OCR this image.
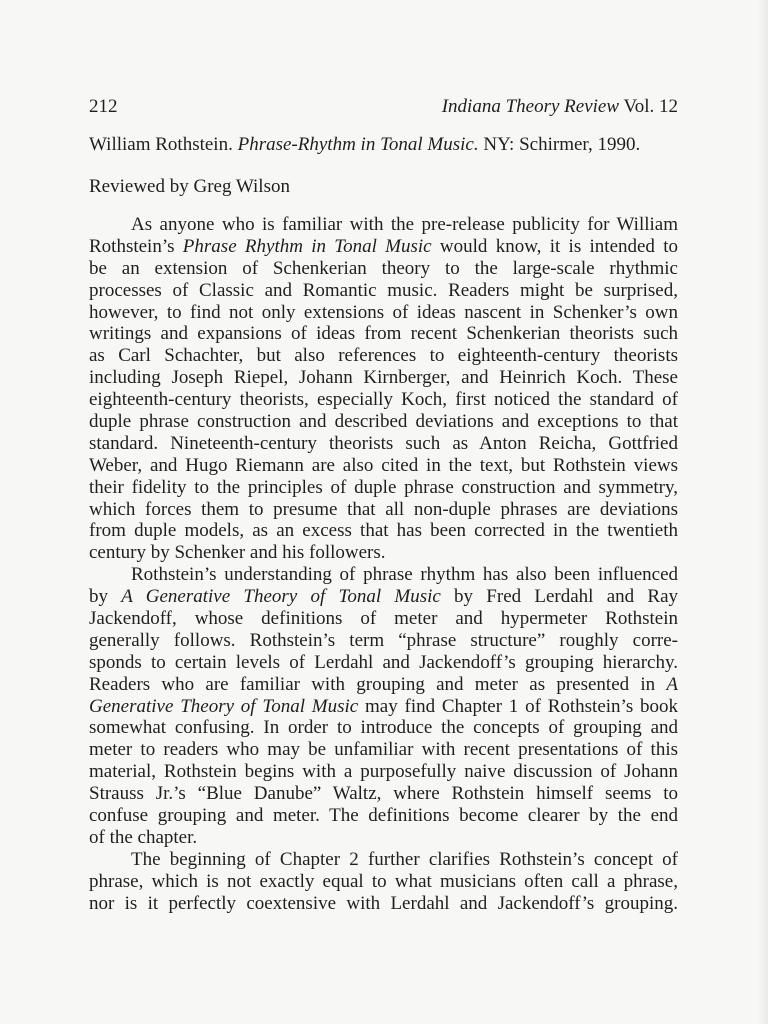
212	Indiana Theory Review Vol. 12
William Rothstein. Phrase-Rhythm in Tonal Music. NY: Schirmer, 1990.
Reviewed by Greg Wilson
As anyone who is familiar with the pre-release publicity for William
Rothstein’s Phrase Rhythm in Tonal Music would know, it is intended to
be an extension of Schenkerian theory to the large-scale rhythmic
processes of Classic and Romantic music. Readers might be surprised,
however, to find not only extensions of ideas nascent in Schenker’s own
writings and expansions of ideas from recent Schenkerian theorists such
as Carl Schachter, but also references to eighteenth-century theorists
including Joseph Riepel, Johann Kirnberger, and Heinrich Koch. These
eighteenth-century theorists, especially Koch, first noticed the standard of
duple phrase construction and described deviations and exceptions to that
standard. Nineteenth-century theorists such as Anton Reicha, Gottfried
Weber, and Hugo Riemann are also cited in the text, but Rothstein views
their fidelity to the principles of duple phrase construction and symmetry,
which forces them to presume that all non-duple phrases are deviations
from duple models, as an excess that has been corrected in the twentieth
century by Schenker and his followers.
Rothstein’s understanding of phrase rhythm has also been influenced
by A Generative Theory of Tonal Music by Fred Lerdahl and Ray
Jackendoff, whose definitions of meter and hypermeter Rothstein
generally follows. Rothstein’s term “phrase structure” roughly corre-
sponds to certain levels of Lerdahl and Jackendoff’s grouping hierarchy.
Readers who are familiar with grouping and meter as presented in A
Generative Theory of Tonal Music may find Chapter 1 of Rothstein’s book
somewhat confusing. In order to introduce the concepts of grouping and
meter to readers who may be unfamiliar with recent presentations of this
material, Rothstein begins with a purposefully naive discussion of Johann
Strauss Jr.’s “Blue Danube” Waltz, where Rothstein himself seems to
confuse grouping and meter. The definitions become clearer by the end
of the chapter.
The beginning of Chapter 2 further clarifies Rothstein’s concept of
phrase, which is not exactly equal to what musicians often call a phrase,
nor is it perfectly coextensive with Lerdahl and Jackendoff’s grouping.
